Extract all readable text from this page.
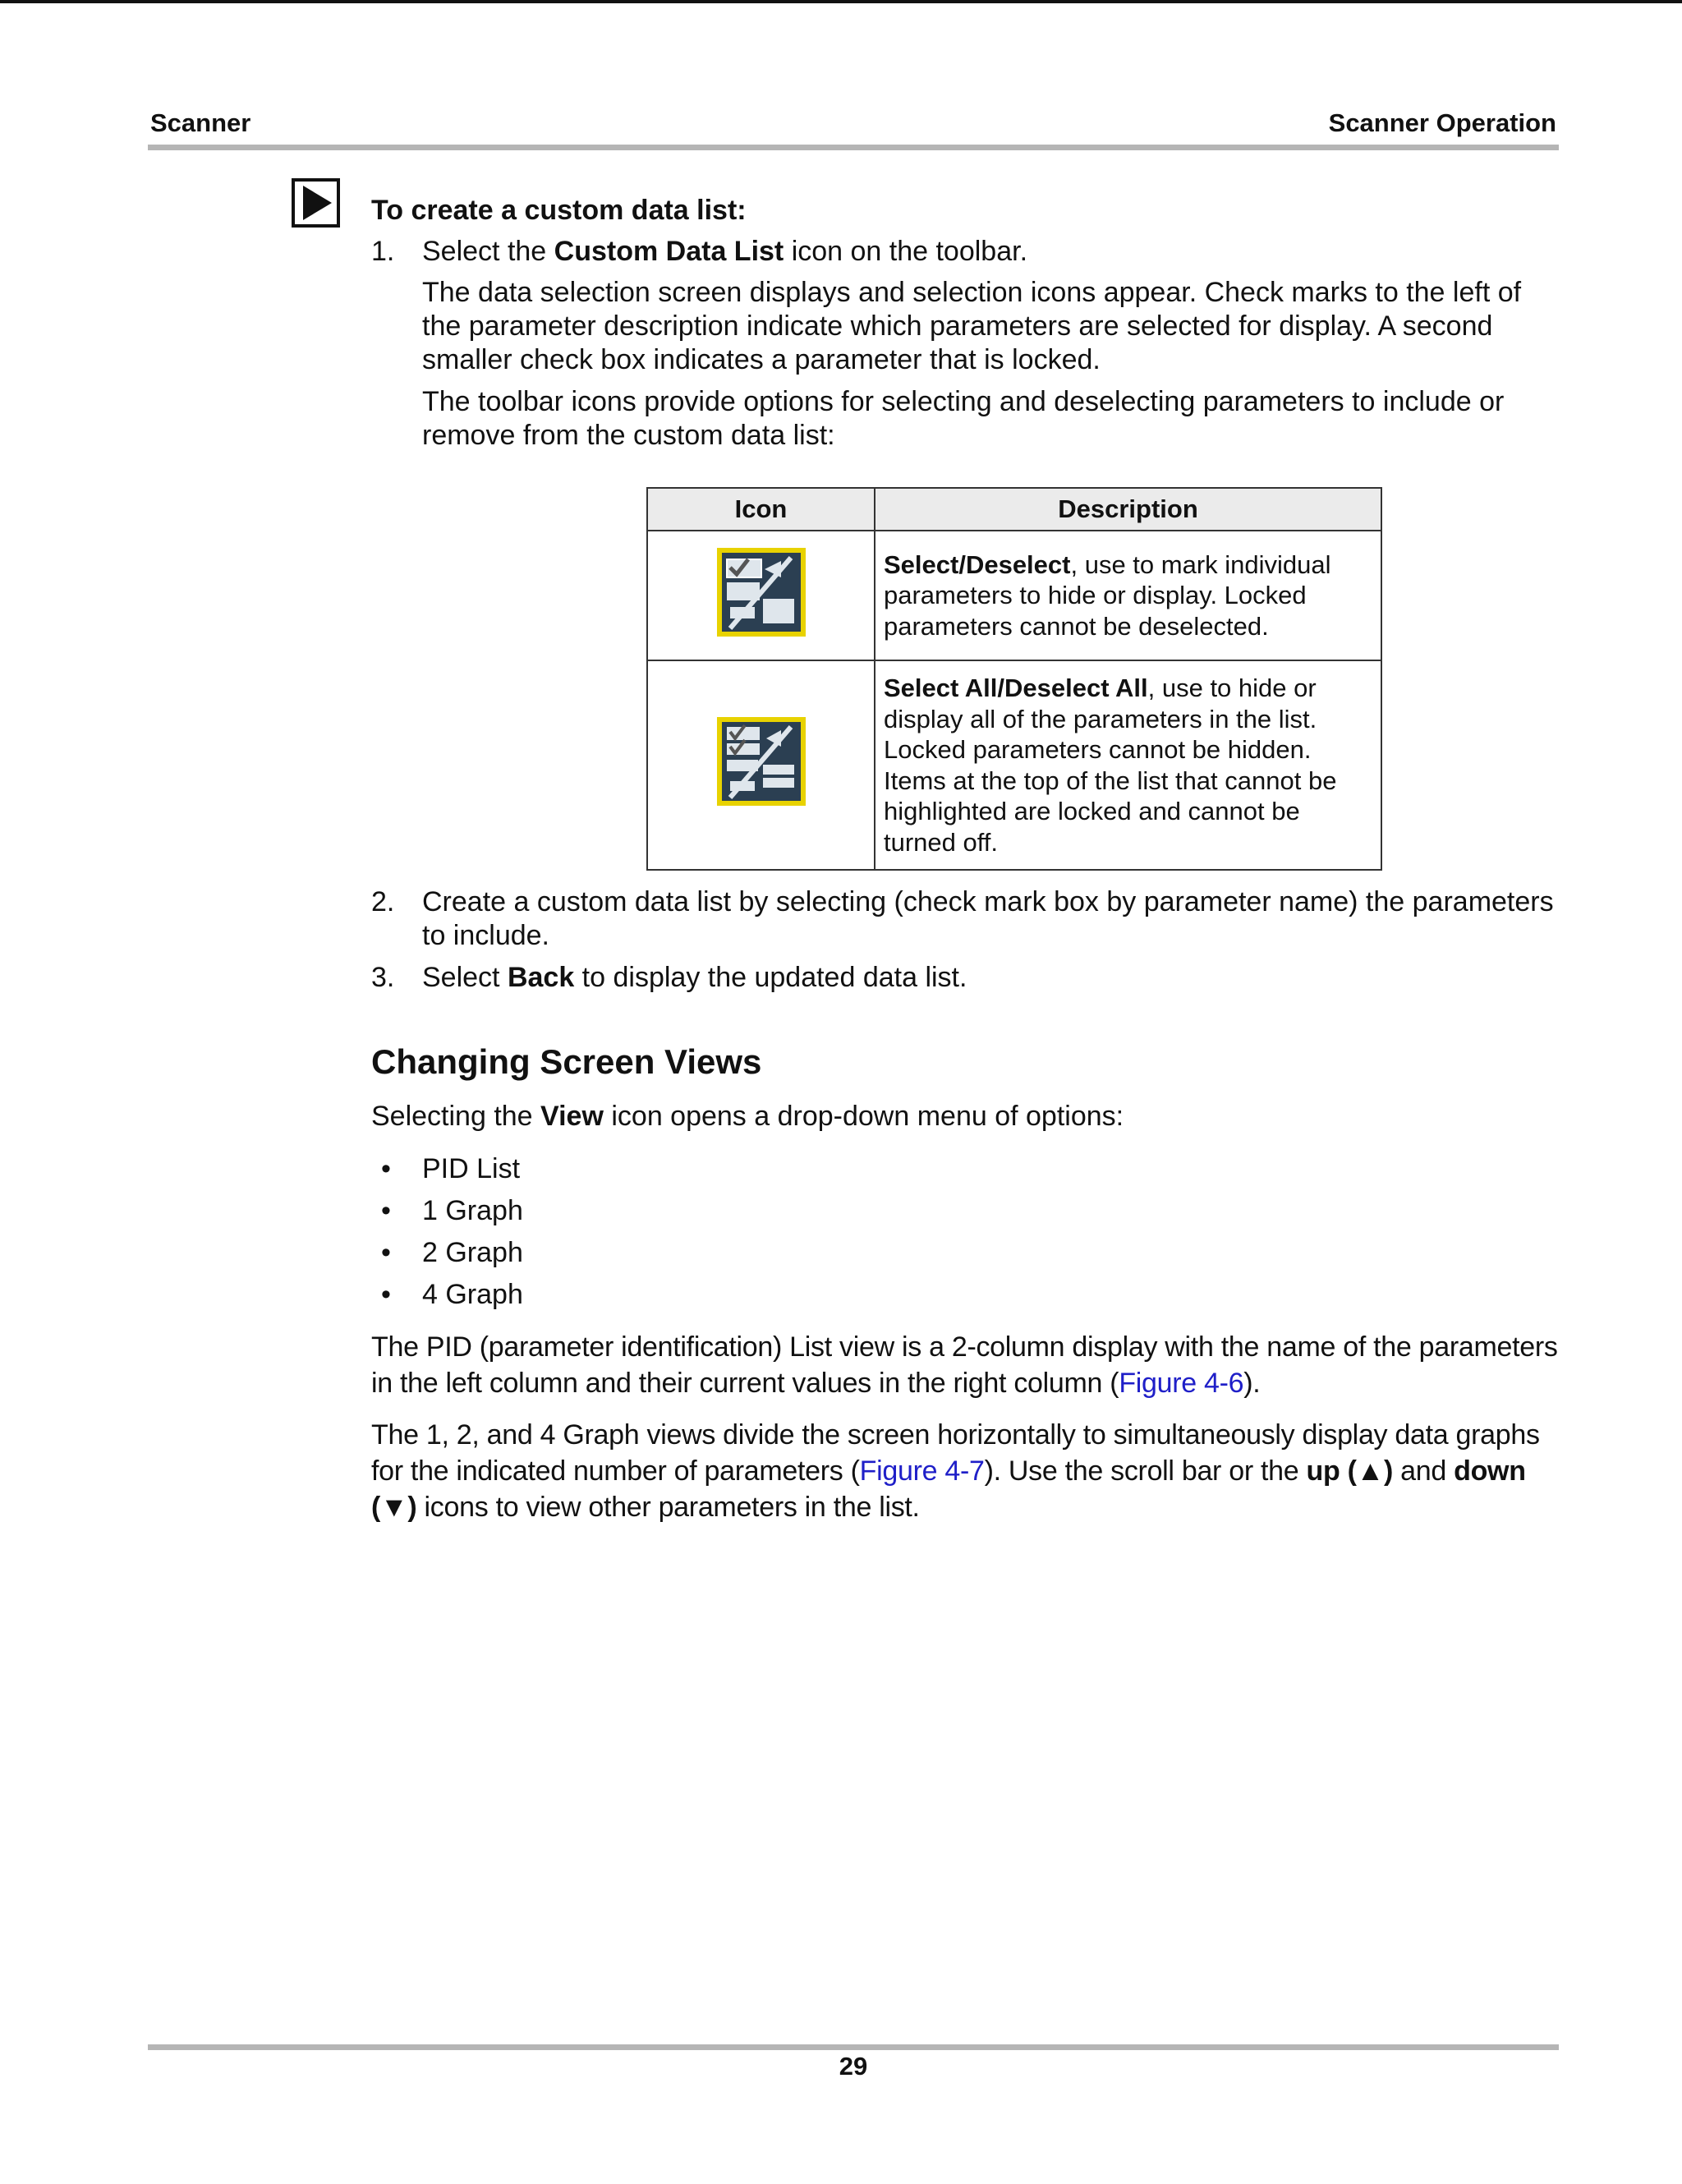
Scanner	Scanner Operation
To create a custom data list:
1. Select the Custom Data List icon on the toolbar.
The data selection screen displays and selection icons appear. Check marks to the left of the parameter description indicate which parameters are selected for display. A second smaller check box indicates a parameter that is locked.
The toolbar icons provide options for selecting and deselecting parameters to include or remove from the custom data list:
Icon	Description
	Select/Deselect, use to mark individual parameters to hide or display. Locked parameters cannot be deselected.
	Select All/Deselect All, use to hide or display all of the parameters in the list. Locked parameters cannot be hidden. Items at the top of the list that cannot be highlighted are locked and cannot be turned off.
2. Create a custom data list by selecting (check mark box by parameter name) the parameters to include.
3. Select Back to display the updated data list.
Changing Screen Views
Selecting the View icon opens a drop-down menu of options:
• PID List
• 1 Graph
• 2 Graph
• 4 Graph
The PID (parameter identification) List view is a 2-column display with the name of the parameters in the left column and their current values in the right column (Figure 4-6).
The 1, 2, and 4 Graph views divide the screen horizontally to simultaneously display data graphs for the indicated number of parameters (Figure 4-7). Use the scroll bar or the up (▲) and down (▼) icons to view other parameters in the list.
29
